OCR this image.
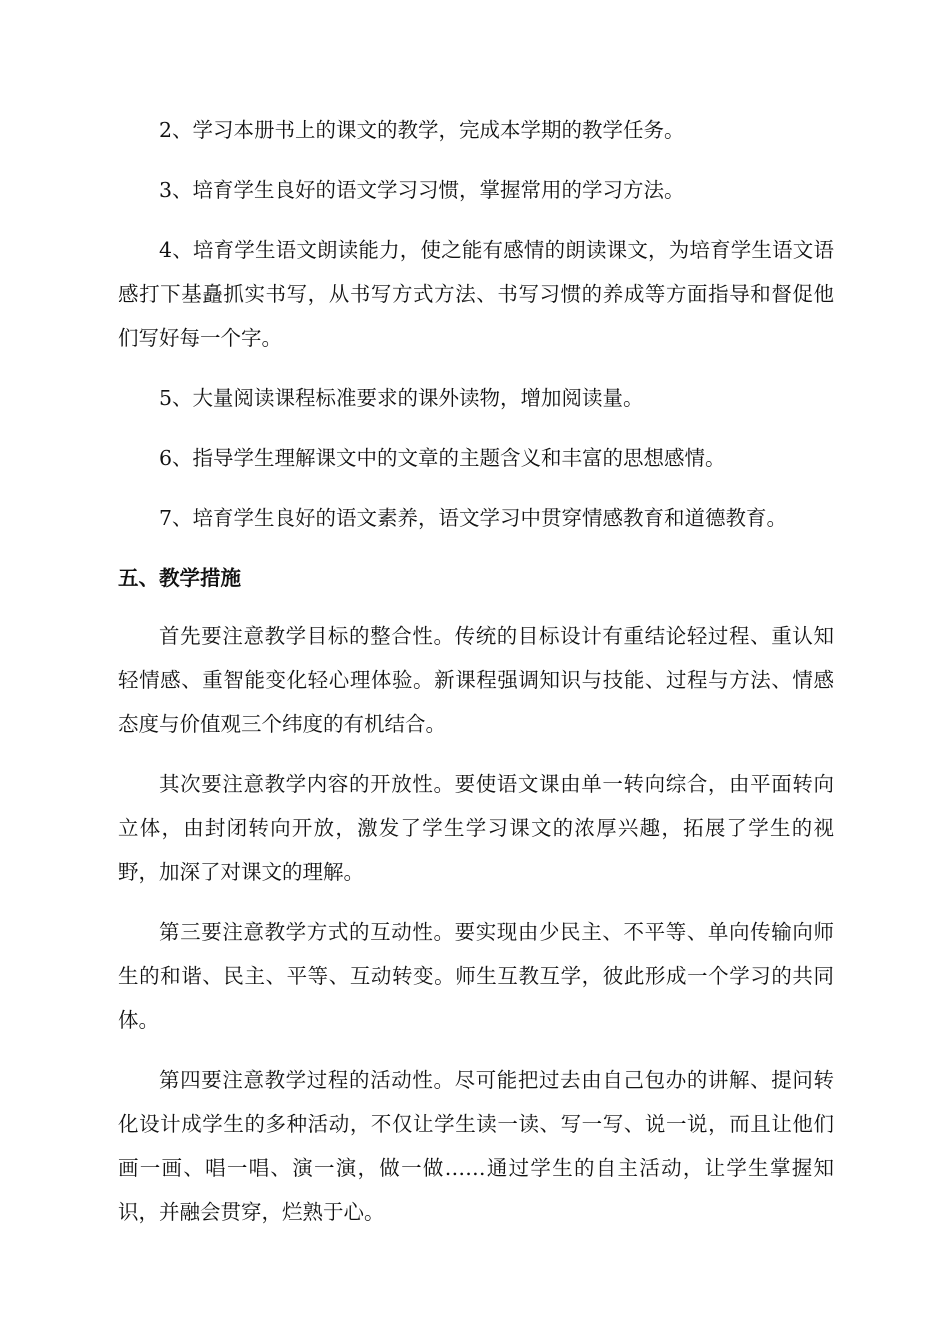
2、学习本册书上的课文的教学，完成本学期的教学任务。

3、培育学生良好的语文学习习惯，掌握常用的学习方法。

4、培育学生语文朗读能力，使之能有感情的朗读课文，为培育学生语文语感打下基矗抓实书写，从书写方式方法、书写习惯的养成等方面指导和督促他们写好每一个字。

5、大量阅读课程标准要求的课外读物，增加阅读量。

6、指导学生理解课文中的文章的主题含义和丰富的思想感情。

7、培育学生良好的语文素养，语文学习中贯穿情感教育和道德教育。

五、教学措施

首先要注意教学目标的整合性。传统的目标设计有重结论轻过程、重认知轻情感、重智能变化轻心理体验。新课程强调知识与技能、过程与方法、情感态度与价值观三个纬度的有机结合。

其次要注意教学内容的开放性。要使语文课由单一转向综合，由平面转向立体，由封闭转向开放，激发了学生学习课文的浓厚兴趣，拓展了学生的视野，加深了对课文的理解。

第三要注意教学方式的互动性。要实现由少民主、不平等、单向传输向师生的和谐、民主、平等、互动转变。师生互教互学，彼此形成一个学习的共同体。

第四要注意教学过程的活动性。尽可能把过去由自己包办的讲解、提问转化设计成学生的多种活动，不仅让学生读一读、写一写、说一说，而且让他们画一画、唱一唱、演一演，做一做……通过学生的自主活动，让学生掌握知识，并融会贯穿，烂熟于心。
